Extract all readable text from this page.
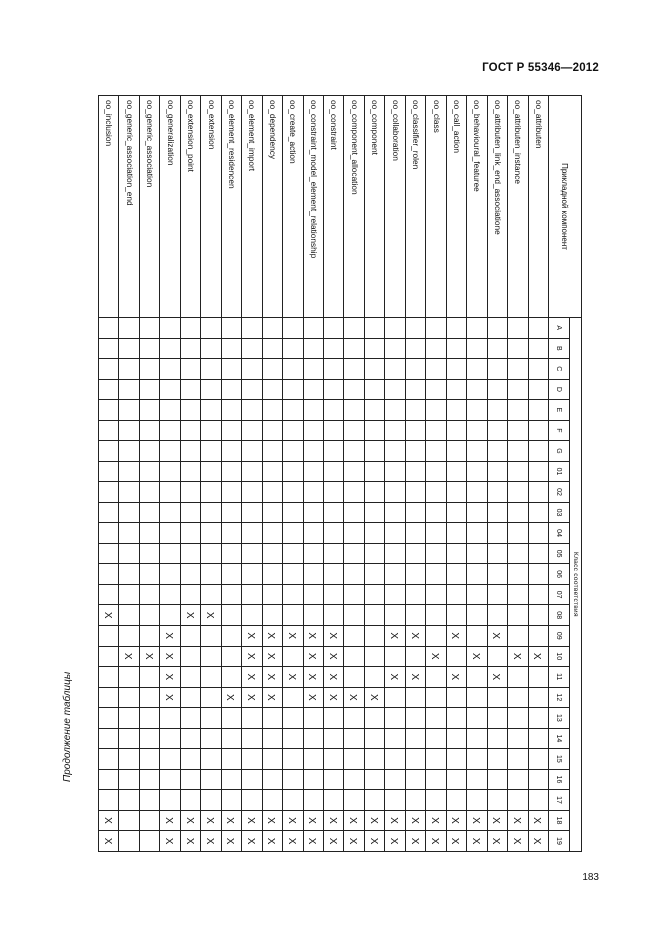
ГОСТ Р 55346—2012
Продолжение таблицы
Прикладной компонент	Класс соответствия																									
	A	B	C	D	E	F	G	01	02	03	04	05	06	07	08	09	10	11	12	13	14	15	16	17	18	19
oo_attributen																	X								X	X
oo_attributen_instance																	X								X	X
oo_attributen_link_end_associatione																X		X							X	X
oo_behavioural_featuree																	X								X	X
oo_call_action																X		X							X	X
oo_class																	X								X	X
oo_classifier_rolen																X		X							X	X
oo_collaboration																X		X							X	X
oo_component																			X						X	X
oo_component_allocation																			X						X	X
oo_constraint																X	X	X	X						X	X
oo_constraint_model_element_relationship																X	X	X	X						X	X
oo_create_action																X		X							X	X
oo_dependency																X	X	X	X						X	X
oo_element_import																X	X	X	X						X	X
oo_element_residencen																			X						X	X
oo_extension															X										X	X
oo_extension_point															X										X	X
oo_generalization																X	X	X	X						X	X
oo_generic_association																	X									
oo_generic_association_end																	X									
oo_inclusion															X										X	X
183
